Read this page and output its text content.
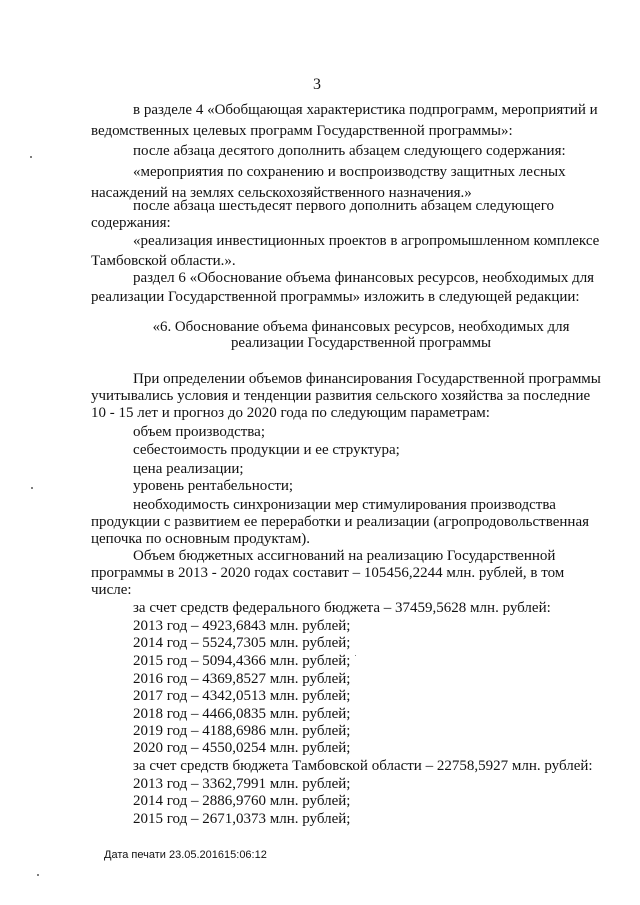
3
в разделе 4 «Обобщающая характеристика подпрограмм, мероприятий и
ведомственных целевых программ Государственной программы»:
после абзаца десятого дополнить абзацем следующего содержания:
«мероприятия по сохранению и воспроизводству защитных лесных
насаждений на землях сельскохозяйственного назначения.»
после абзаца шестьдесят первого дополнить абзацем следующего
содержания:
«реализация инвестиционных проектов в агропромышленном комплексе
Тамбовской области.».
раздел 6 «Обоснование объема финансовых ресурсов, необходимых для
реализации Государственной программы» изложить в следующей редакции:
«6. Обоснование объема финансовых ресурсов, необходимых для
реализации Государственной программы
При определении объемов финансирования Государственной программы
учитывались условия и тенденции развития сельского хозяйства за последние
10 - 15 лет и прогноз до 2020 года по следующим параметрам:
объем производства;
себестоимость продукции и ее структура;
цена реализации;
уровень рентабельности;
необходимость синхронизации мер стимулирования производства
продукции с развитием ее переработки и реализации (агропродовольственная
цепочка по основным продуктам).
Объем бюджетных ассигнований на реализацию Государственной
программы в 2013 - 2020 годах составит – 105456,2244 млн. рублей, в том
числе:
за счет средств федерального бюджета – 37459,5628 млн. рублей:
2013 год – 4923,6843 млн. рублей;
2014 год – 5524,7305 млн. рублей;
2015 год – 5094,4366 млн. рублей;
2016 год – 4369,8527 млн. рублей;
2017 год – 4342,0513 млн. рублей;
2018 год – 4466,0835 млн. рублей;
2019 год – 4188,6986 млн. рублей;
2020 год – 4550,0254 млн. рублей;
за счет средств бюджета Тамбовской области – 22758,5927 млн. рублей:
2013 год – 3362,7991 млн. рублей;
2014 год – 2886,9760 млн. рублей;
2015 год – 2671,0373 млн. рублей;
Дата печати 23.05.201615:06:12
